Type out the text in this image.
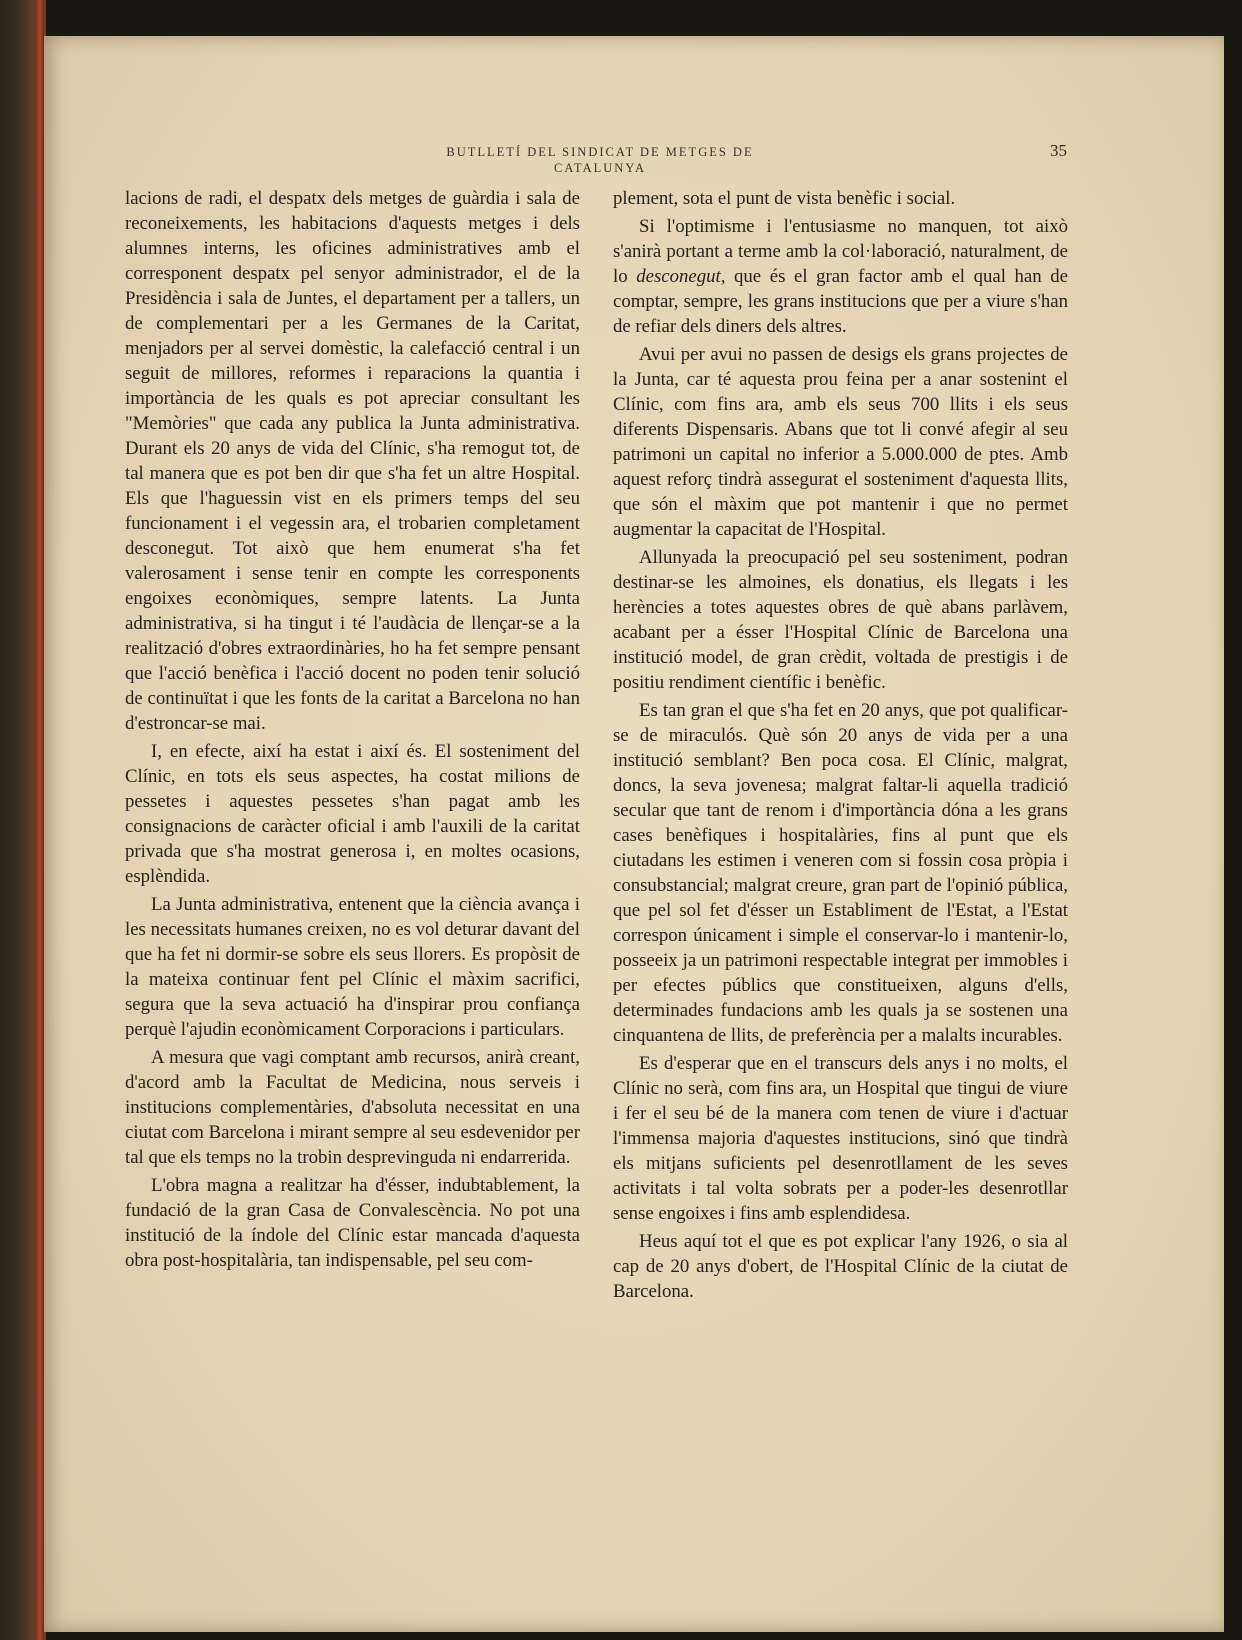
BUTLLETÍ DEL SINDICAT DE METGES DE CATALUNYA
35

lacions de radi, el despatx dels metges de guàrdia i sala de reconeixements, les habitacions d'aquests metges i dels alumnes interns, les oficines administratives amb el corresponent despatx pel senyor administrador, el de la Presidència i sala de Juntes, el departament per a tallers, un de complementari per a les Germanes de la Caritat, menjadors per al servei domèstic, la calefacció central i un seguit de millores, reformes i reparacions la quantia i importància de les quals es pot apreciar consultant les "Memòries" que cada any publica la Junta administrativa. Durant els 20 anys de vida del Clínic, s'ha remogut tot, de tal manera que es pot ben dir que s'ha fet un altre Hospital. Els que l'haguessin vist en els primers temps del seu funcionament i el vegessin ara, el trobarien completament desconegut. Tot això que hem enumerat s'ha fet valerosament i sense tenir en compte les corresponents engoixes econòmiques, sempre latents. La Junta administrativa, si ha tingut i té l'audàcia de llençar-se a la realització d'obres extraordinàries, ho ha fet sempre pensant que l'acció benèfica i l'acció docent no poden tenir solució de continuïtat i que les fonts de la caritat a Barcelona no han d'estroncar-se mai.

I, en efecte, així ha estat i així és. El sosteniment del Clínic, en tots els seus aspectes, ha costat milions de pessetes i aquestes pessetes s'han pagat amb les consignacions de caràcter oficial i amb l'auxili de la caritat privada que s'ha mostrat generosa i, en moltes ocasions, esplèndida.

La Junta administrativa, entenent que la ciència avança i les necessitats humanes creixen, no es vol deturar davant del que ha fet ni dormir-se sobre els seus llorers. Es propòsit de la mateixa continuar fent pel Clínic el màxim sacrifici, segura que la seva actuació ha d'inspirar prou confiança perquè l'ajudin econòmicament Corporacions i particulars.

A mesura que vagi comptant amb recursos, anirà creant, d'acord amb la Facultat de Medicina, nous serveis i institucions complementàries, d'absoluta necessitat en una ciutat com Barcelona i mirant sempre al seu esdevenidor per tal que els temps no la trobin desprevinguda ni endarrerida.

L'obra magna a realitzar ha d'ésser, indubtablement, la fundació de la gran Casa de Convalescència. No pot una institució de la índole del Clínic estar mancada d'aquesta obra post-hospitalària, tan indispensable, pel seu com-

plement, sota el punt de vista benèfic i social.

Si l'optimisme i l'entusiasme no manquen, tot això s'anirà portant a terme amb la col·laboració, naturalment, de lo desconegut, que és el gran factor amb el qual han de comptar, sempre, les grans institucions que per a viure s'han de refiar dels diners dels altres.

Avui per avui no passen de desigs els grans projectes de la Junta, car té aquesta prou feina per a anar sostenint el Clínic, com fins ara, amb els seus 700 llits i els seus diferents Dispensaris. Abans que tot li convé afegir al seu patrimoni un capital no inferior a 5.000.000 de ptes. Amb aquest reforç tindrà assegurat el sosteniment d'aquesta llits, que són el màxim que pot mantenir i que no permet augmentar la capacitat de l'Hospital.

Allunyada la preocupació pel seu sosteniment, podran destinar-se les almoines, els donatius, els llegats i les herències a totes aquestes obres de què abans parlàvem, acabant per a ésser l'Hospital Clínic de Barcelona una institució model, de gran crèdit, voltada de prestigis i de positiu rendiment científic i benèfic.

Es tan gran el que s'ha fet en 20 anys, que pot qualificar-se de miraculós. Què són 20 anys de vida per a una institució semblant? Ben poca cosa. El Clínic, malgrat, doncs, la seva jovenesa; malgrat faltar-li aquella tradició secular que tant de renom i d'importància dóna a les grans cases benèfiques i hospitalàries, fins al punt que els ciutadans les estimen i veneren com si fossin cosa pròpia i consubstancial; malgrat creure, gran part de l'opinió pública, que pel sol fet d'ésser un Establiment de l'Estat, a l'Estat correspon únicament i simple el conservar-lo i mantenir-lo, posseeix ja un patrimoni respectable integrat per immobles i per efectes públics que constitueixen, alguns d'ells, determinades fundacions amb les quals ja se sostenen una cinquantena de llits, de preferència per a malalts incurables.

Es d'esperar que en el transcurs dels anys i no molts, el Clínic no serà, com fins ara, un Hospital que tingui de viure i fer el seu bé de la manera com tenen de viure i d'actuar l'immensa majoria d'aquestes institucions, sinó que tindrà els mitjans suficients pel desenrotllament de les seves activitats i tal volta sobrats per a poder-les desenrotllar sense engoixes i fins amb esplendidesa.

Heus aquí tot el que es pot explicar l'any 1926, o sia al cap de 20 anys d'obert, de l'Hospital Clínic de la ciutat de Barcelona.
